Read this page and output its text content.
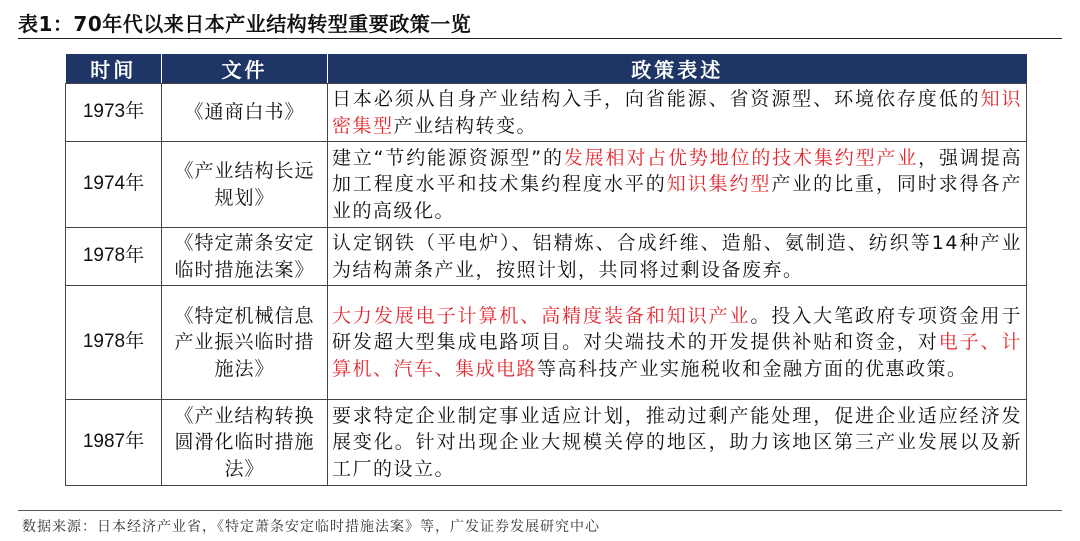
表1：70年代以来日本产业结构转型重要政策一览
时间	文件	政策表述
1973年	《通商白书》	日本必须从自身产业结构入手，向省能源、省资源型、环境依存度低的知识密集型产业结构转变。
1974年	《产业结构长远规划》	建立“节约能源资源型”的发展相对占优势地位的技术集约型产业，强调提高加工程度水平和技术集约程度水平的知识集约型产业的比重，同时求得各产业的高级化。
1978年	《特定萧条安定临时措施法案》	认定钢铁（平电炉）、铝精炼、合成纤维、造船、氨制造、纺织等14种产业为结构萧条产业，按照计划，共同将过剩设备废弃。
1978年	《特定机械信息产业振兴临时措施法》	大力发展电子计算机、高精度装备和知识产业。投入大笔政府专项资金用于研发超大型集成电路项目。对尖端技术的开发提供补贴和资金，对电子、计算机、汽车、集成电路等高科技产业实施税收和金融方面的优惠政策。
1987年	《产业结构转换圆滑化临时措施法》	要求特定企业制定事业适应计划，推动过剩产能处理，促进企业适应经济发展变化。针对出现企业大规模关停的地区，助力该地区第三产业发展以及新工厂的设立。
数据来源：日本经济产业省，《特定萧条安定临时措施法案》等，广发证券发展研究中心
